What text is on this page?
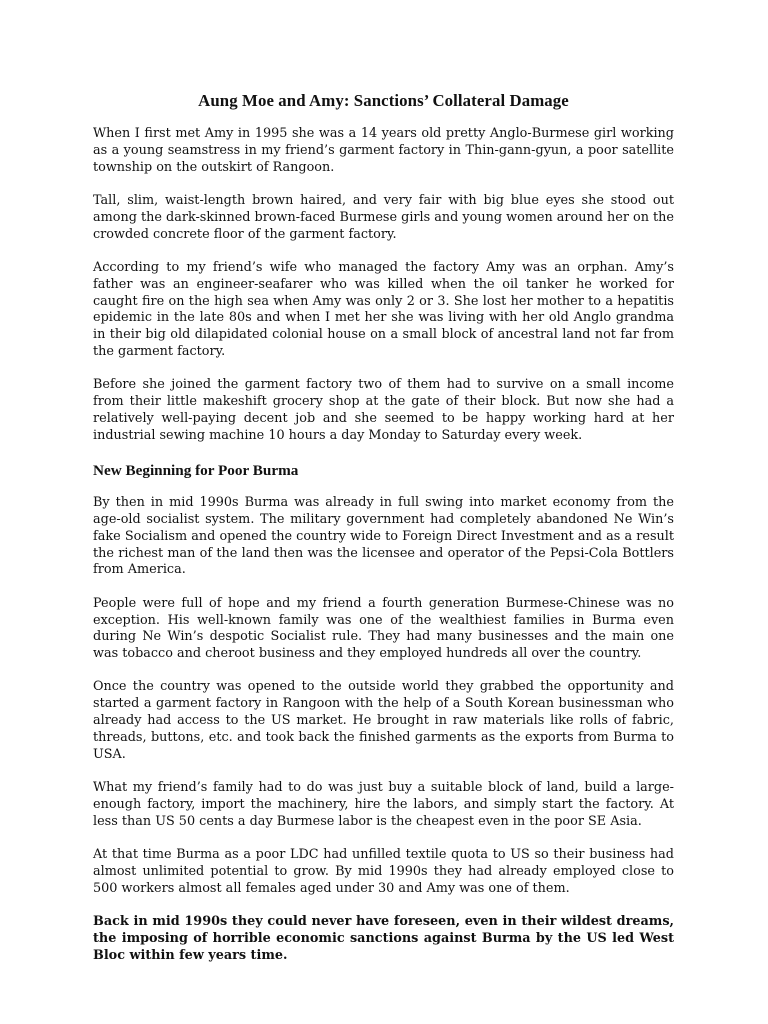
Aung Moe and Amy: Sanctions’ Collateral Damage

When I first met Amy in 1995 she was a 14 years old pretty Anglo-Burmese girl working as a young seamstress in my friend’s garment factory in Thin-gann-gyun, a poor satellite township on the outskirt of Rangoon.

Tall, slim, waist-length brown haired, and very fair with big blue eyes she stood out among the dark-skinned brown-faced Burmese girls and young women around her on the crowded concrete floor of the garment factory.

According to my friend’s wife who managed the factory Amy was an orphan. Amy’s father was an engineer-seafarer who was killed when the oil tanker he worked for caught fire on the high sea when Amy was only 2 or 3. She lost her mother to a hepatitis epidemic in the late 80s and when I met her she was living with her old Anglo grandma in their big old dilapidated colonial house on a small block of ancestral land not far from the garment factory.

Before she joined the garment factory two of them had to survive on a small income from their little makeshift grocery shop at the gate of their block. But now she had a relatively well-paying decent job and she seemed to be happy working hard at her industrial sewing machine 10 hours a day Monday to Saturday every week.

New Beginning for Poor Burma

By then in mid 1990s Burma was already in full swing into market economy from the age-old socialist system. The military government had completely abandoned Ne Win’s fake Socialism and opened the country wide to Foreign Direct Investment and as a result the richest man of the land then was the licensee and operator of the Pepsi-Cola Bottlers from America.

People were full of hope and my friend a fourth generation Burmese-Chinese was no exception. His well-known family was one of the wealthiest families in Burma even during Ne Win’s despotic Socialist rule. They had many businesses and the main one was tobacco and cheroot business and they employed hundreds all over the country.

Once the country was opened to the outside world they grabbed the opportunity and started a garment factory in Rangoon with the help of a South Korean businessman who already had access to the US market. He brought in raw materials like rolls of fabric, threads, buttons, etc. and took back the finished garments as the exports from Burma to USA.

What my friend’s family had to do was just buy a suitable block of land, build a large-enough factory, import the machinery, hire the labors, and simply start the factory. At less than US 50 cents a day Burmese labor is the cheapest even in the poor SE Asia.

At that time Burma as a poor LDC had unfilled textile quota to US so their business had almost unlimited potential to grow. By mid 1990s they had already employed close to 500 workers almost all females aged under 30 and Amy was one of them.

Back in mid 1990s they could never have foreseen, even in their wildest dreams, the imposing of horrible economic sanctions against Burma by the US led West Bloc within few years time.
